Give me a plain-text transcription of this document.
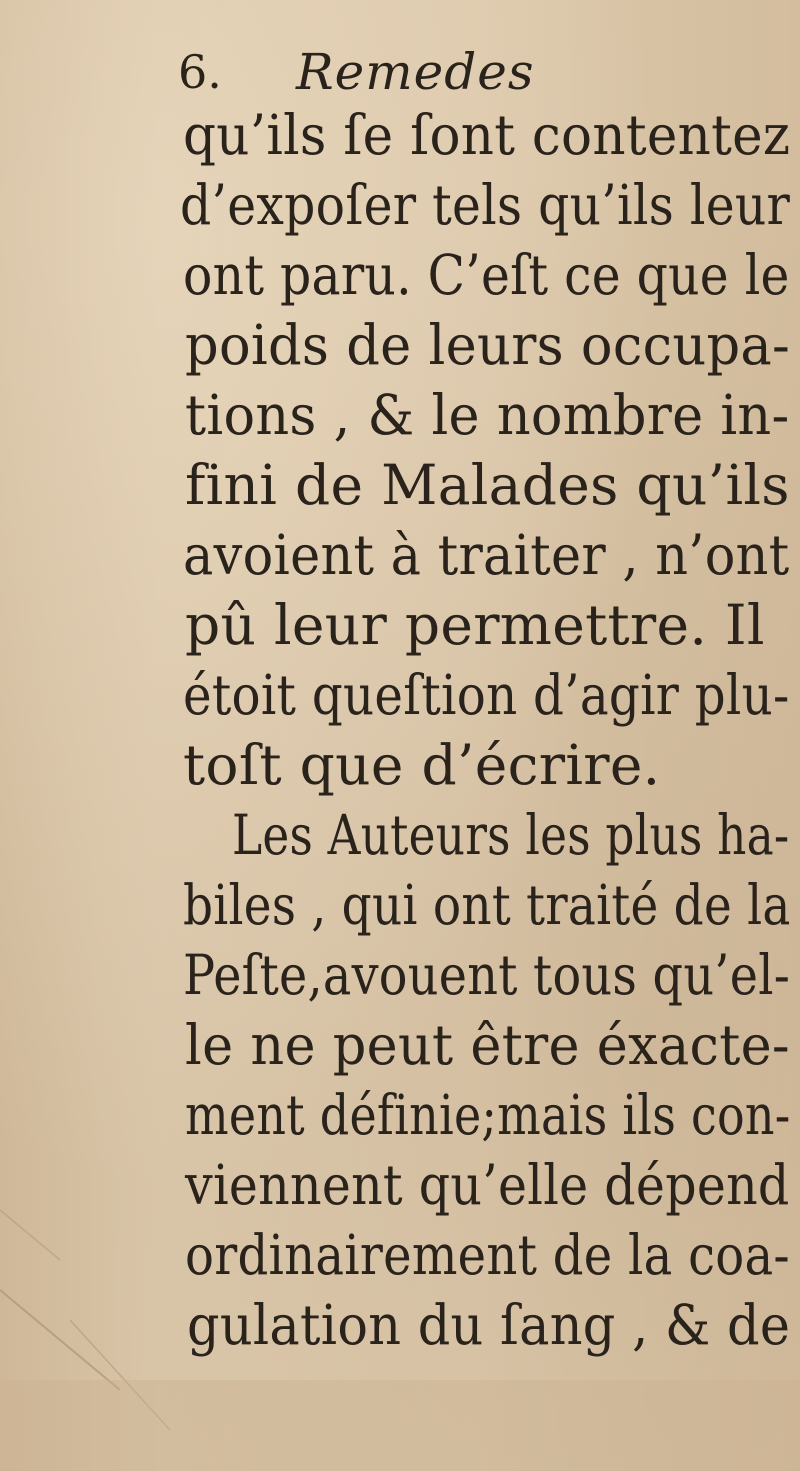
6. Remedes
qu’ils ſe ſont contentez
d’expoſer tels qu’ils leur
ont paru. C’eſt ce que le
poids de leurs occupa-
tions , & le nombre in-
fini de Malades qu’ils
avoient à traiter , n’ont
pû leur permettre. Il
étoit queſtion d’agir plu-
toſt que d’écrire.
Les Auteurs les plus ha-
biles , qui ont traité de la
Peſte,avouent tous qu’el-
le ne peut être éxacte-
ment définie;mais ils con-
viennent qu’elle dépend
ordinairement de la coa-
gulation du ſang , & de
